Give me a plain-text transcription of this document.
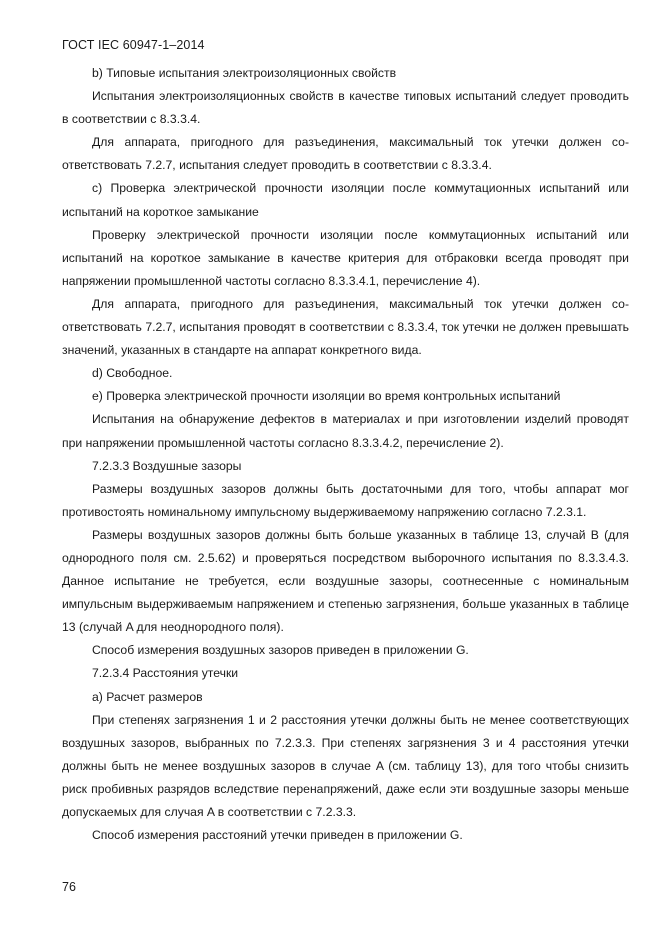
ГОСТ IEC 60947-1–2014

b) Типовые испытания электроизоляционных свойств

Испытания электроизоляционных свойств в качестве типовых испытаний следует проводить в соответствии с 8.3.3.4.

Для аппарата, пригодного для разъединения, максимальный ток утечки должен соответствовать 7.2.7, испытания следует проводить в соответствии с 8.3.3.4.

c) Проверка электрической прочности изоляции после коммутационных испытаний или испытаний на короткое замыкание

Проверку электрической прочности изоляции после коммутационных испытаний или испытаний на короткое замыкание в качестве критерия для отбраковки всегда проводят при напряжении промышленной частоты согласно 8.3.3.4.1, перечисление 4).

Для аппарата, пригодного для разъединения, максимальный ток утечки должен соответствовать 7.2.7, испытания проводят в соответствии с 8.3.3.4, ток утечки не должен превышать значений, указанных в стандарте на аппарат конкретного вида.

d) Свободное.

e) Проверка электрической прочности изоляции во время контрольных испытаний

Испытания на обнаружение дефектов в материалах и при изготовлении изделий проводят при напряжении промышленной частоты согласно 8.3.3.4.2, перечисление 2).

7.2.3.3 Воздушные зазоры

Размеры воздушных зазоров должны быть достаточными для того, чтобы аппарат мог противостоять номинальному импульсному выдерживаемому напряжению согласно 7.2.3.1.

Размеры воздушных зазоров должны быть больше указанных в таблице 13, случай B (для однородного поля см. 2.5.62) и проверяться посредством выборочного испытания по 8.3.3.4.3. Данное испытание не требуется, если воздушные зазоры, соотнесенные с номинальным импульсным выдерживаемым напряжением и степенью загрязнения, больше указанных в таблице 13 (случай A для неоднородного поля).

Способ измерения воздушных зазоров приведен в приложении G.

7.2.3.4 Расстояния утечки

a) Расчет размеров

При степенях загрязнения 1 и 2 расстояния утечки должны быть не менее соответствующих воздушных зазоров, выбранных по 7.2.3.3. При степенях загрязнения 3 и 4 расстояния утечки должны быть не менее воздушных зазоров в случае A (см. таблицу 13), для того чтобы снизить риск пробивных разрядов вследствие перенапряжений, даже если эти воздушные зазоры меньше допускаемых для случая A в соответствии с 7.2.3.3.

Способ измерения расстояний утечки приведен в приложении G.

76
